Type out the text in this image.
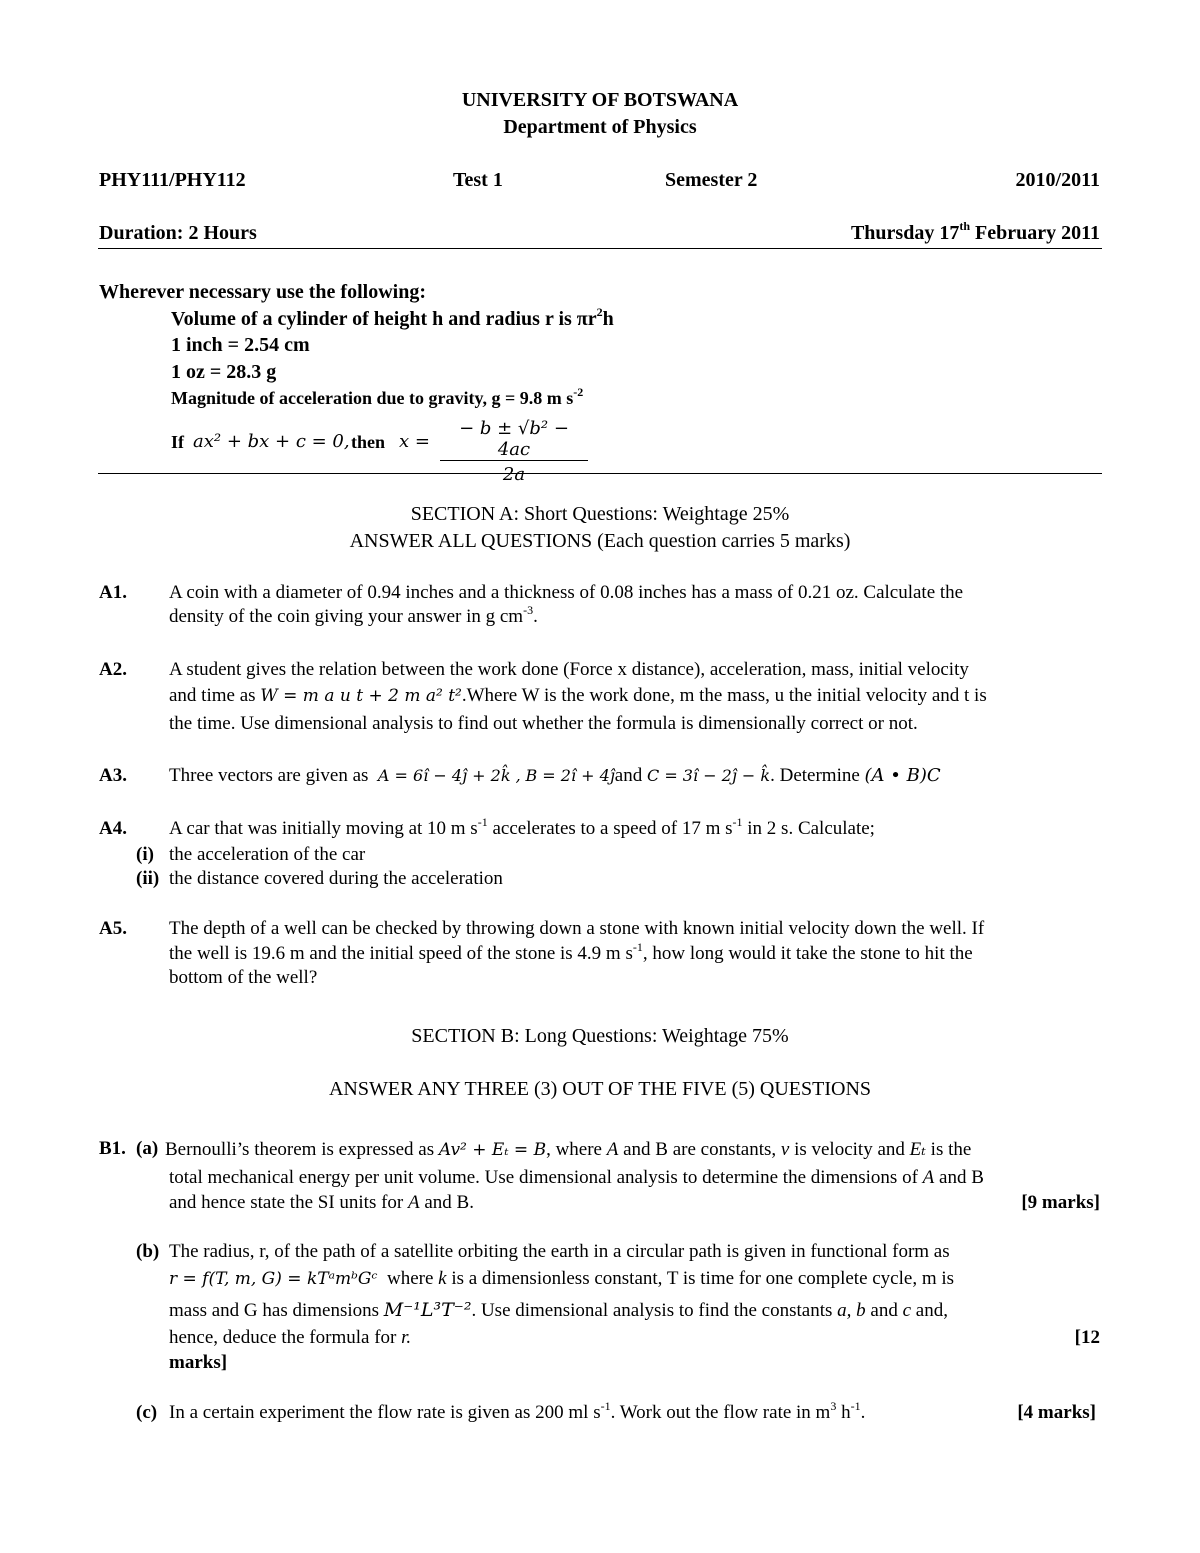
UNIVERSITY OF BOTSWANA
Department of Physics
PHY111/PHY112	Test 1	Semester 2	2010/2011
Duration: 2 Hours	Thursday 17th February 2011
Wherever necessary use the following:
Volume of a cylinder of height h and radius r is $\pi r^2h$
1 inch = 2.54 cm
1 oz = 28.3 g
Magnitude of acceleration due to gravity, g = 9.8 m $s^{-2}$
If ax² + bx + c = 0, then $x = \frac{\text{− b ± √b² − 4ac}}{2a}$
SECTION A: Short Questions: Weightage 25%
ANSWER ALL QUESTIONS (Each question carries 5 marks)
A1. A coin with a diameter of 0.94 inches and a thickness of 0.08 inches has a mass of 0.21 oz. Calculate the
density of the coin giving your answer in g $cm^{-3}$.
A2. A student gives the relation between the work done (Force x distance), acceleration, mass, initial velocity
and time as W = m a u t + 2 m a² t².Where W is the work done, m the mass, u the initial velocity and t is
the time. Use dimensional analysis to find out whether the formula is dimensionally correct or not.
A3. Three vectors are given as A = 6î − 4ĵ + 2k̂ , B = 2î + 4ĵand C = 3î − 2ĵ − k̂. Determine (A • B)C
A4. A car that was initially moving at 10 m $s^{-1}$ accelerates to a speed of 17 m $s^{-1}$ in 2 s. Calculate;
(i) the acceleration of the car
(ii) the distance covered during the acceleration
A5. The depth of a well can be checked by throwing down a stone with known initial velocity down the well. If
the well is 19.6 m and the initial speed of the stone is 4.9 m $s^{-1}$, how long would it take the stone to hit the
bottom of the well?
SECTION B: Long Questions: Weightage 75%
ANSWER ANY THREE (3) OUT OF THE FIVE (5) QUESTIONS
B1. (a) Bernoulli’s theorem is expressed as Av² + Eₜ = B, where A and B are constants, v is velocity and Eₜ is the
total mechanical energy per unit volume. Use dimensional analysis to determine the dimensions of A and B
and hence state the SI units for A and B.	[9 marks]
(b) The radius, r, of the path of a satellite orbiting the earth in a circular path is given in functional form as
r = f(T, m, G) = kTᵃmᵇGᶜ where k is a dimensionless constant, T is time for one complete cycle, m is
mass and G has dimensions M⁻¹L³T⁻². Use dimensional analysis to find the constants a, b and c and,
hence, deduce the formula for r.	[12
marks]
(c) In a certain experiment the flow rate is given as 200 ml $s^{-1}$. Work out the flow rate in $m^3$ $h^{-1}$.	[4 marks]
